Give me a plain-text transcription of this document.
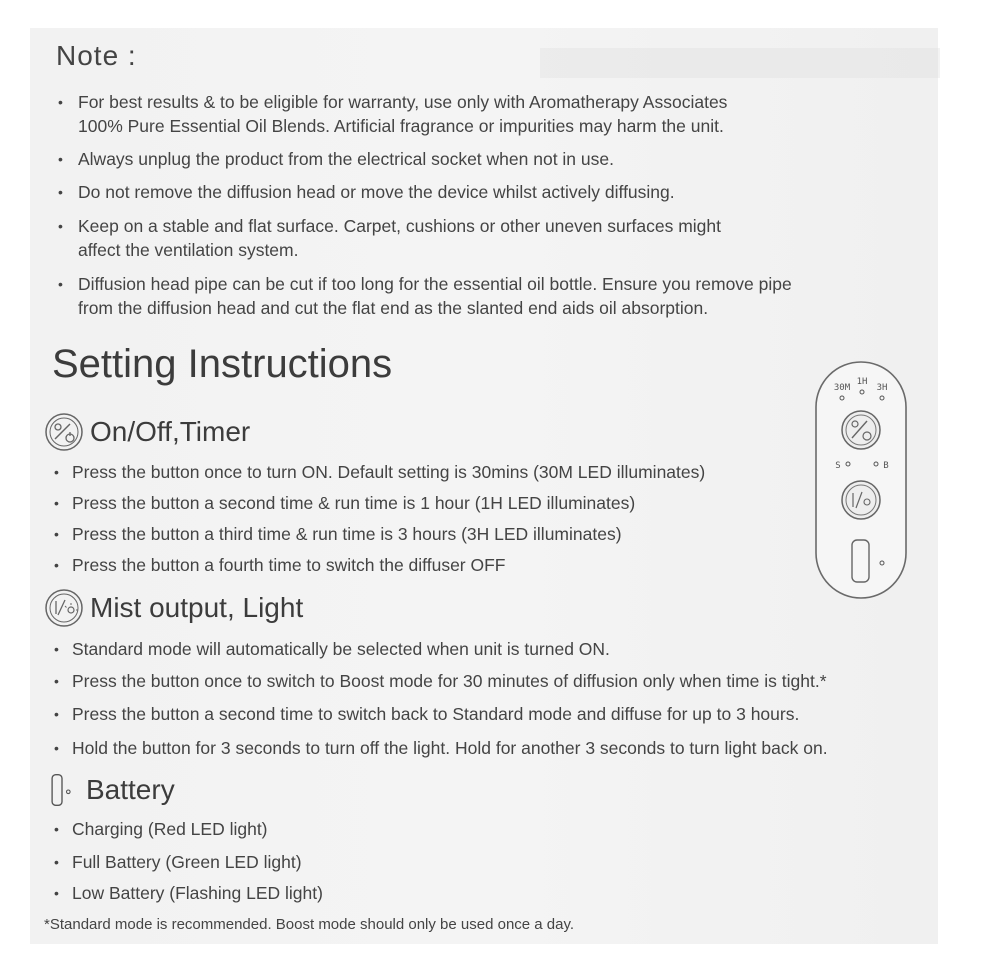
Note :
• For best results & to be eligible for warranty, use only with Aromatherapy Associates
100% Pure Essential Oil Blends. Artificial fragrance or impurities may harm the unit.
• Always unplug the product from the electrical socket when not in use.
• Do not remove the diffusion head or move the device whilst actively diffusing.
• Keep on a stable and flat surface. Carpet, cushions or other uneven surfaces might
affect the ventilation system.
• Diffusion head pipe can be cut if too long for the essential oil bottle. Ensure you remove pipe
from the diffusion head and cut the flat end as the slanted end aids oil absorption.
Setting Instructions
On/Off,Timer
• Press the button once to turn ON. Default setting is 30mins (30M LED illuminates)
• Press the button a second time & run time is 1 hour (1H LED illuminates)
• Press the button a third time & run time is 3 hours (3H LED illuminates)
• Press the button a fourth time to switch the diffuser OFF
Mist output, Light
• Standard mode will automatically be selected when unit is turned ON.
• Press the button once to switch to Boost mode for 30 minutes of diffusion only when time is tight.*
• Press the button a second time to switch back to Standard mode and diffuse for up to 3 hours.
• Hold the button for 3 seconds to turn off the light. Hold for another 3 seconds to turn light back on.
Battery
• Charging (Red LED light)
• Full Battery (Green LED light)
• Low Battery (Flashing LED light)
*Standard mode is recommended. Boost mode should only be used once a day.
1H
30M	3H
S	B
